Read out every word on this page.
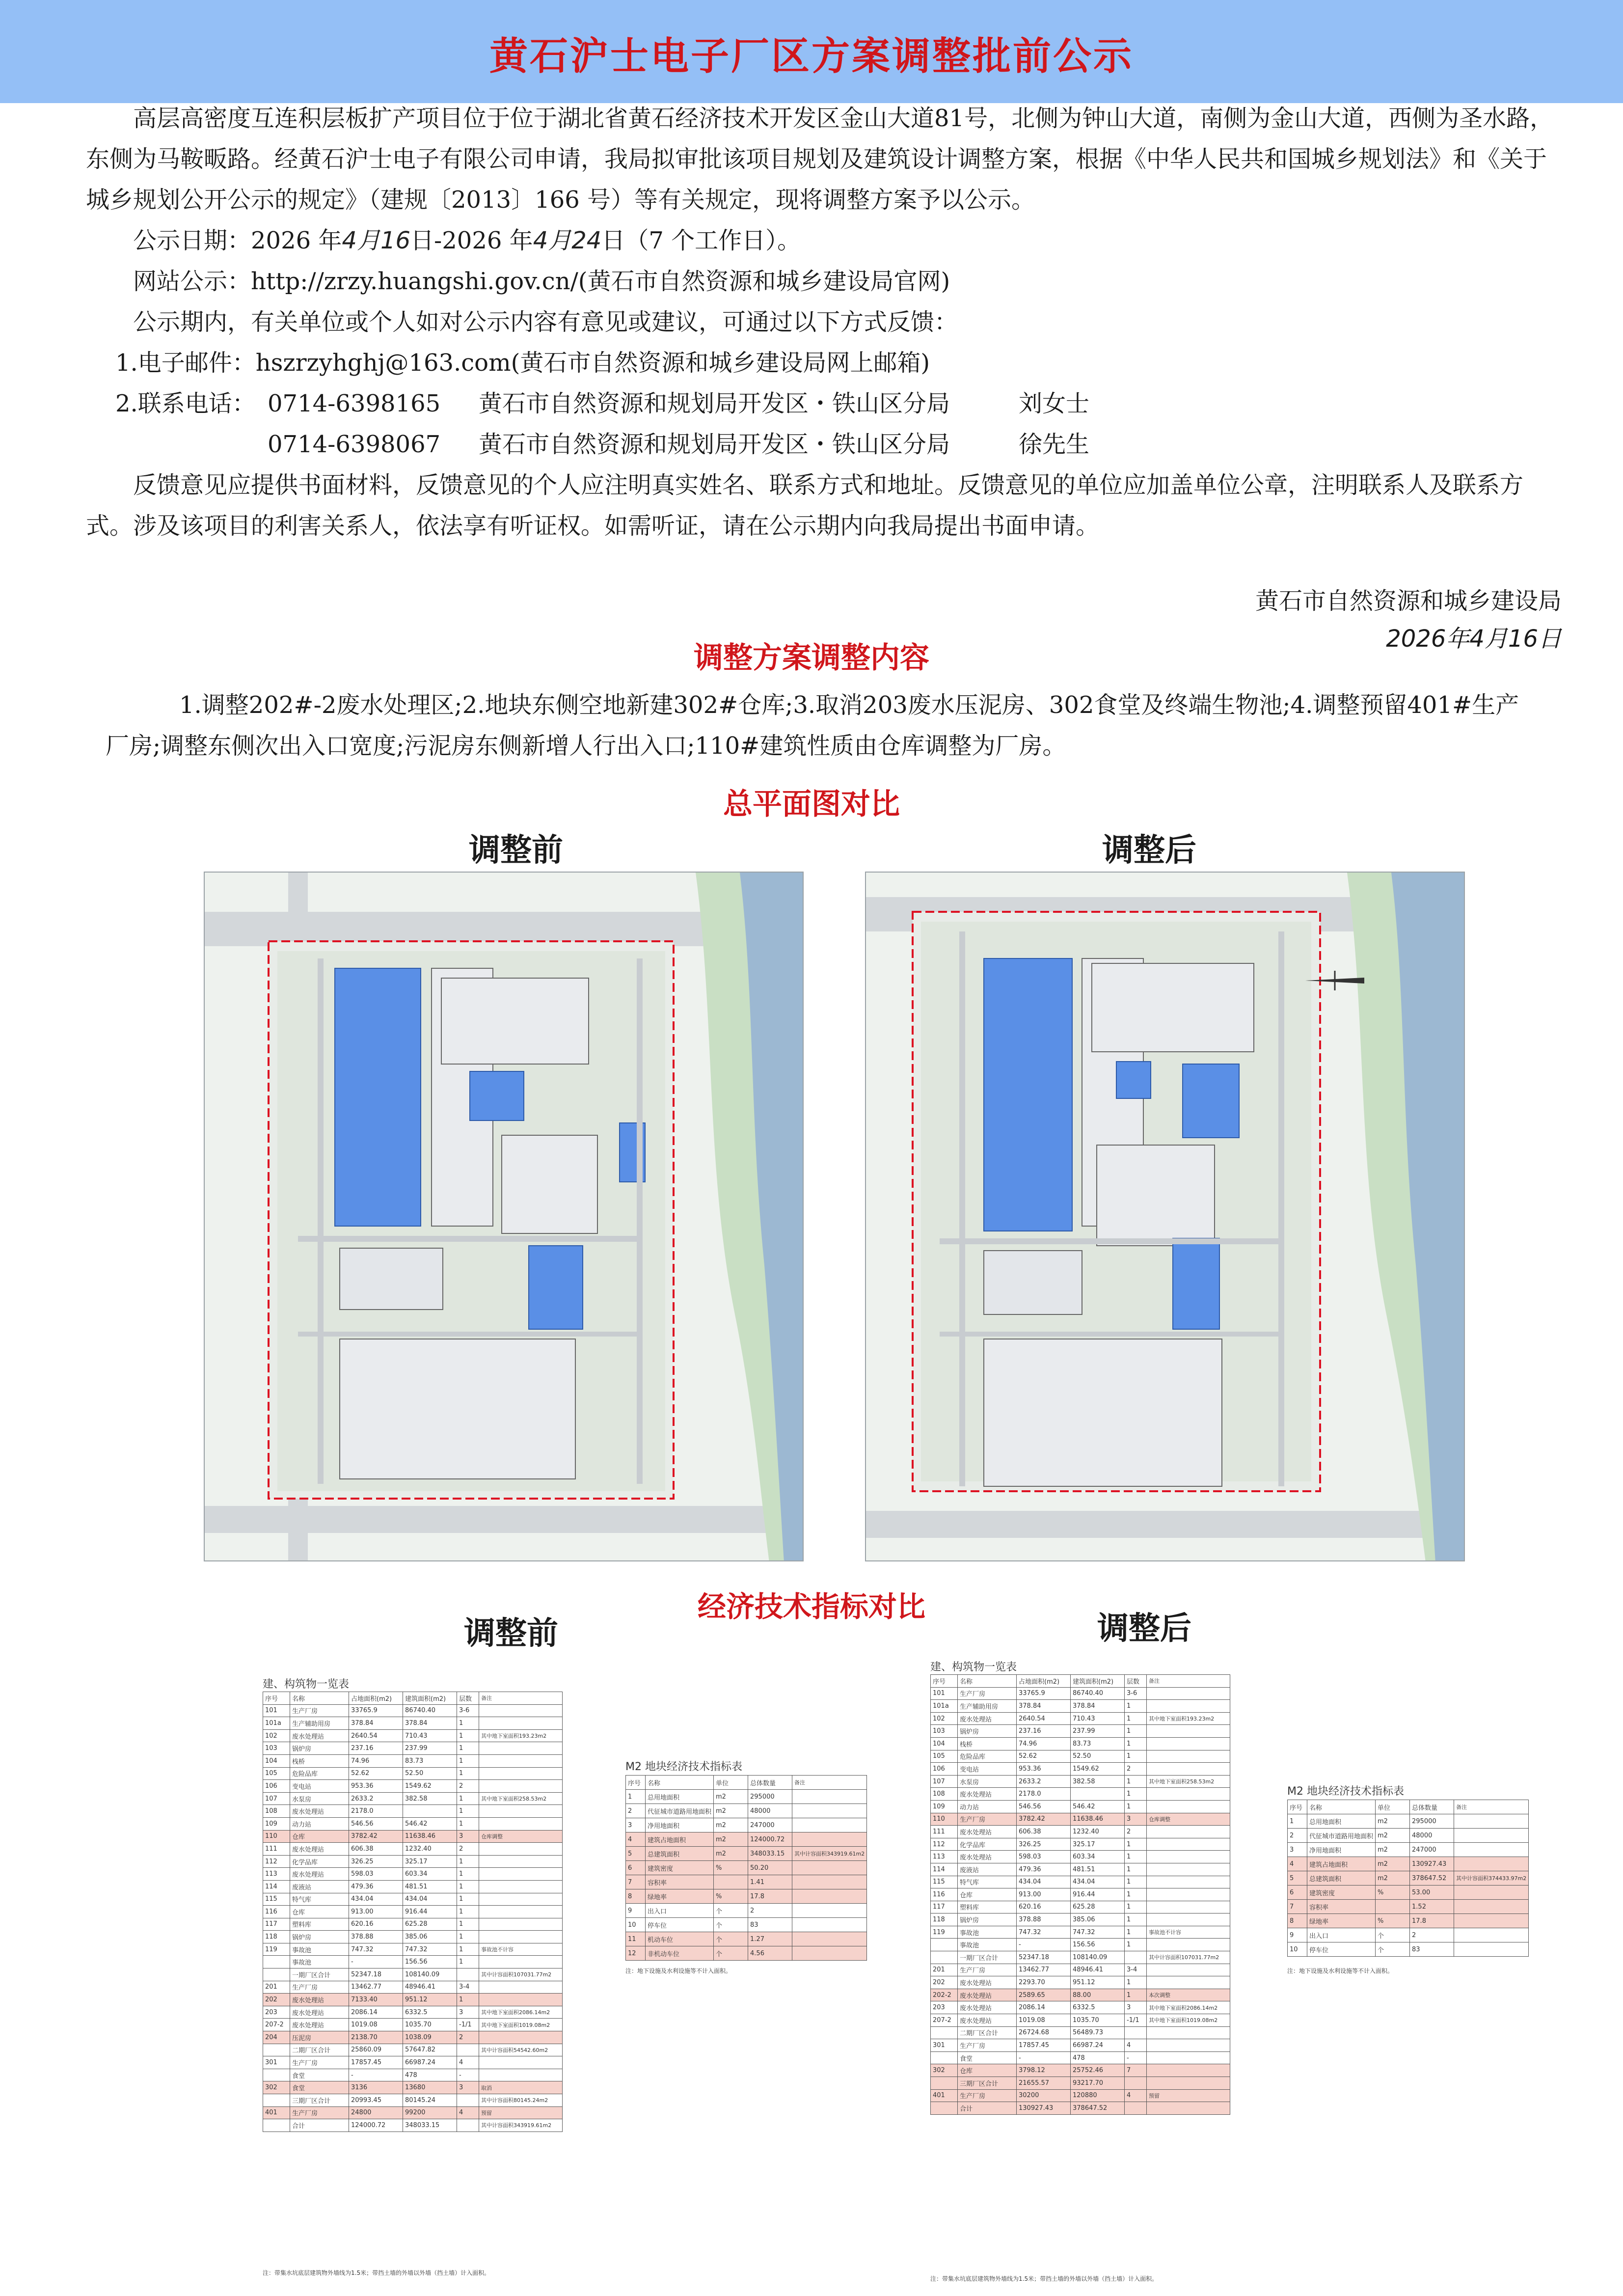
黄石沪士电子厂区方案调整批前公示
高层高密度互连积层板扩产项目位于位于湖北省黄石经济技术开发区金山大道81号，北侧为钟山大道，南侧为金山大道，西侧为圣水路，东侧为马鞍畈路。经黄石沪士电子有限公司申请，我局拟审批该项目规划及建筑设计调整方案，根据《中华人民共和国城乡规划法》和《关于城乡规划公开公示的规定》（建规〔2013〕166 号）等有关规定，现将调整方案予以公示。
公示日期：2026 年4月16日-2026 年4月24日（7 个工作日）。
网站公示：http://zrzy.huangshi.gov.cn/(黄石市自然资源和城乡建设局官网)
公示期内，有关单位或个人如对公示内容有意见或建议，可通过以下方式反馈：
1.电子邮件：hszrzyhghj@163.com(黄石市自然资源和城乡建设局网上邮箱)
2.联系电话： 0714-6398165	黄石市自然资源和规划局开发区・铁山区分局	刘女士
0714-6398067	黄石市自然资源和规划局开发区・铁山区分局	徐先生
反馈意见应提供书面材料，反馈意见的个人应注明真实姓名、联系方式和地址。反馈意见的单位应加盖单位公章，注明联系人及联系方式。涉及该项目的利害关系人，依法享有听证权。如需听证，请在公示期内向我局提出书面申请。
黄石市自然资源和城乡建设局
2026年4月16日
调整方案调整内容
1.调整202#-2废水处理区;2.地块东侧空地新建302#仓库;3.取消203废水压泥房、302食堂及终端生物池;4.调整预留401#生产厂房;调整东侧次出入口宽度;污泥房东侧新增人行出入口;110#建筑性质由仓库调整为厂房。
总平面图对比
调整前	调整后
经济技术指标对比
调整前	调整后
建、构筑物一览表
序号	名称	占地面积(m2)	建筑面积(m2)	层数	备注
101	生产厂房	33765.9	86740.40	3-6	
101a	生产辅助用房	378.84	378.84	1	
102	废水处理站	2640.54	710.43	1	其中地下室面积193.23m2
103	锅炉房	237.16	237.99	1	
104	栈桥	74.96	83.73	1	
105	危险品库	52.62	52.50	1	
106	变电站	953.36	1549.62	2	
107	水泵房	2633.2	382.58	1	其中地下室面积258.53m2
108	废水处理站	2178.0		1	
109	动力站	546.56	546.42	1	
110	仓库	3782.42	11638.46	3	仓库调整
111	废水处理站	606.38	1232.40	2	
112	化学品库	326.25	325.17	1	
113	废水处理站	598.03	603.34	1	
114	废液站	479.36	481.51	1	
115	特气库	434.04	434.04	1	
116	仓库	913.00	916.44	1	
117	塑料库	620.16	625.28	1	
118	锅炉房	378.88	385.06	1	
119	事故池	747.32	747.32	1	事故池不计容
	事故池	-	156.56	1	
	一期厂区合计	52347.18	108140.09		其中计容面积107031.77m2
201	生产厂房	13462.77	48946.41	3-4	
202	废水处理站	7133.40	951.12	1	
203	废水处理站	2086.14	6332.5	3	其中地下室面积2086.14m2
207-2	废水处理站	1019.08	1035.70	-1/1	其中地下室面积1019.08m2
204	压泥房	2138.70	1038.09	2	
	二期厂区合计	25860.09	57647.82		其中计容面积54542.60m2
301	生产厂房	17857.45	66987.24	4	
	食堂	-	478	-	
302	食堂	3136	13680	3	取消
	三期厂区合计	20993.45	80145.24		其中计容面积80145.24m2
401	生产厂房	24800	99200	4	预留
	合计	124000.72	348033.15		其中计容面积343919.61m2
注：带集水坑底层建筑物外墙线为1.5米；带挡土墙的外墙以外墙（挡土墙）计入面积。
M2 地块经济技术指标表
序号	名称	单位	总体数量	备注
1	总用地面积	m2	295000	
2	代征城市道路用地面积	m2	48000	
3	净用地面积	m2	247000	
4	建筑占地面积	m2	124000.72	
5	总建筑面积	m2	348033.15	其中计容面积343919.61m2
6	建筑密度	%	50.20	
7	容积率		1.41	
8	绿地率	%	17.8	
9	出入口	个	2	
10	停车位	个	83	
11	机动车位	个	1.27	
12	非机动车位	个	4.56	
注：地下设施及水利设施等不计入面积。
建、构筑物一览表
序号	名称	占地面积(m2)	建筑面积(m2)	层数	备注
101	生产厂房	33765.9	86740.40	3-6	
101a	生产辅助用房	378.84	378.84	1	
102	废水处理站	2640.54	710.43	1	其中地下室面积193.23m2
103	锅炉房	237.16	237.99	1	
104	栈桥	74.96	83.73	1	
105	危险品库	52.62	52.50	1	
106	变电站	953.36	1549.62	2	
107	水泵房	2633.2	382.58	1	其中地下室面积258.53m2
108	废水处理站	2178.0		1	
109	动力站	546.56	546.42	1	
110	生产厂房	3782.42	11638.46	3	仓库调整
111	废水处理站	606.38	1232.40	2	
112	化学品库	326.25	325.17	1	
113	废水处理站	598.03	603.34	1	
114	废液站	479.36	481.51	1	
115	特气库	434.04	434.04	1	
116	仓库	913.00	916.44	1	
117	塑料库	620.16	625.28	1	
118	锅炉房	378.88	385.06	1	
119	事故池	747.32	747.32	1	事故池不计容
	事故池	-	156.56	1	
	一期厂区合计	52347.18	108140.09		其中计容面积107031.77m2
201	生产厂房	13462.77	48946.41	3-4	
202	废水处理站	2293.70	951.12	1	
202-2	废水处理站	2589.65	88.00	1	本次调整
203	废水处理站	2086.14	6332.5	3	其中地下室面积2086.14m2
207-2	废水处理站	1019.08	1035.70	-1/1	其中地下室面积1019.08m2
	二期厂区合计	26724.68	56489.73		
301	生产厂房	17857.45	66987.24	4	
	食堂	-	478	-	
302	仓库	3798.12	25752.46	7	
	三期厂区合计	21655.57	93217.70		
401	生产厂房	30200	120880	4	预留
	合计	130927.43	378647.52		
注：带集水坑底层建筑物外墙线为1.5米；带挡土墙的外墙以外墙（挡土墙）计入面积。
M2 地块经济技术指标表
序号	名称	单位	总体数量	备注
1	总用地面积	m2	295000	
2	代征城市道路用地面积	m2	48000	
3	净用地面积	m2	247000	
4	建筑占地面积	m2	130927.43	
5	总建筑面积	m2	378647.52	其中计容面积374433.97m2
6	建筑密度	%	53.00	
7	容积率		1.52	
8	绿地率	%	17.8	
9	出入口	个	2	
10	停车位	个	83	
注：地下设施及水利设施等不计入面积。
